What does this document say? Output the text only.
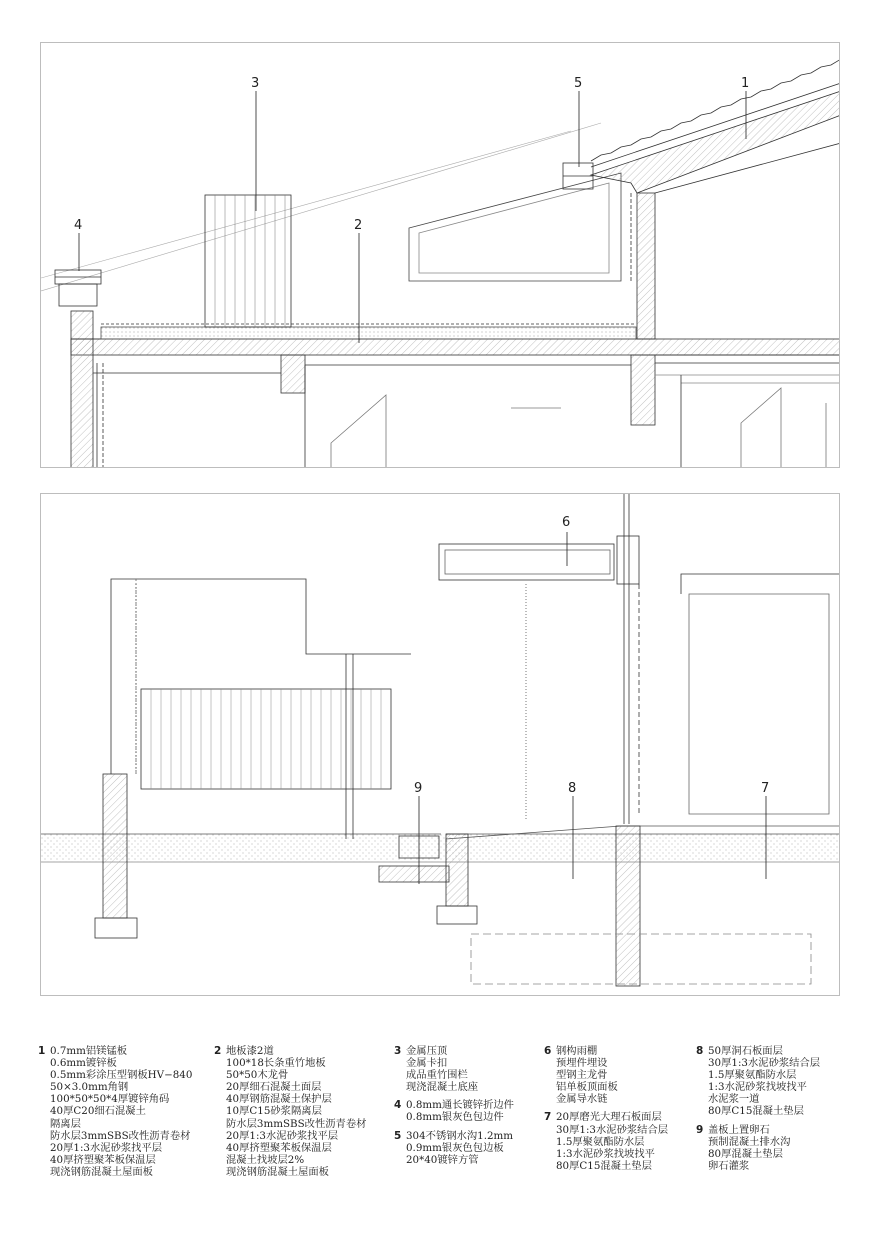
3	5	1
4	2
6
9	8	7
1 0.7mm铝镁锰板
0.6mm镀锌板
0.5mm彩涂压型钢板HV−840
50×3.0mm角钢
100*50*50*4厚镀锌角码
40厚C20细石混凝土
隔离层
防水层3mmSBS改性沥青卷材
20厚1:3水泥砂浆找平层
40厚挤塑聚苯板保温层
现浇钢筋混凝土屋面板
2 地板漆2道
100*18长条重竹地板
50*50木龙骨
20厚细石混凝土面层
40厚钢筋混凝土保护层
10厚C15砂浆隔离层
防水层3mmSBS改性沥青卷材
20厚1:3水泥砂浆找平层
40厚挤塑聚苯板保温层
混凝土找坡层2%
现浇钢筋混凝土屋面板
3 金属压顶
金属卡扣
成品重竹围栏
现浇混凝土底座
4 0.8mm通长镀锌折边件
0.8mm银灰色包边件
5 304不锈钢水沟1.2mm
0.9mm银灰色包边板
20*40镀锌方管
6 钢构雨棚
预埋件埋设
型钢主龙骨
铝单板顶面板
金属导水链
7 20厚磨光大理石板面层
30厚1:3水泥砂浆结合层
1.5厚聚氨酯防水层
1:3水泥砂浆找坡找平
80厚C15混凝土垫层
8 50厚洞石板面层
30厚1:3水泥砂浆结合层
1.5厚聚氨酯防水层
1:3水泥砂浆找坡找平
水泥浆一道
80厚C15混凝土垫层
9 盖板上置卵石
预制混凝土排水沟
80厚混凝土垫层
卵石灌浆
